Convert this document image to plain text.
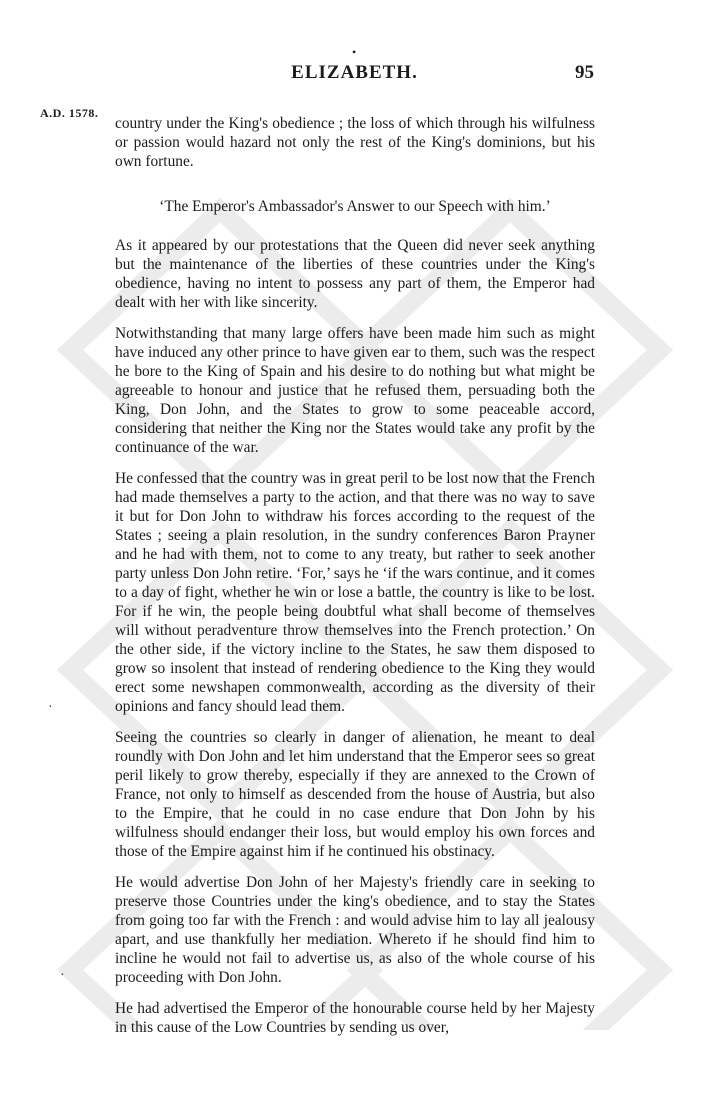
•
ELIZABETH.	95
A.D. 1578.
·
·

country under the King's obedience ; the loss of which through his wilfulness or passion would hazard not only the rest of the King's dominions, but his own fortune.

‘The Emperor's Ambassador's Answer to our Speech with him.’

As it appeared by our protestations that the Queen did never seek anything but the maintenance of the liberties of these countries under the King's obedience, having no intent to possess any part of them, the Emperor had dealt with her with like sincerity.

Notwithstanding that many large offers have been made him such as might have induced any other prince to have given ear to them, such was the respect he bore to the King of Spain and his desire to do nothing but what might be agreeable to honour and justice that he refused them, persuading both the King, Don John, and the States to grow to some peaceable accord, considering that neither the King nor the States would take any profit by the continuance of the war.

He confessed that the country was in great peril to be lost now that the French had made themselves a party to the action, and that there was no way to save it but for Don John to withdraw his forces according to the request of the States ; seeing a plain resolution, in the sundry conferences Baron Prayner and he had with them, not to come to any treaty, but rather to seek another party unless Don John retire. ‘For,’ says he ‘if the wars continue, and it comes to a day of fight, whether he win or lose a battle, the country is like to be lost. For if he win, the people being doubtful what shall become of themselves will without peradventure throw themselves into the French protection.’ On the other side, if the victory incline to the States, he saw them disposed to grow so insolent that instead of rendering obedience to the King they would erect some newshapen commonwealth, according as the diversity of their opinions and fancy should lead them.

Seeing the countries so clearly in danger of alienation, he meant to deal roundly with Don John and let him understand that the Emperor sees so great peril likely to grow thereby, especially if they are annexed to the Crown of France, not only to himself as descended from the house of Austria, but also to the Empire, that he could in no case endure that Don John by his wilfulness should endanger their loss, but would employ his own forces and those of the Empire against him if he continued his obstinacy.

He would advertise Don John of her Majesty's friendly care in seeking to preserve those Countries under the king's obedience, and to stay the States from going too far with the French : and would advise him to lay all jealousy apart, and use thankfully her mediation. Whereto if he should find him to incline he would not fail to advertise us, as also of the whole course of his proceeding with Don John.

He had advertised the Emperor of the honourable course held by her Majesty in this cause of the Low Countries by sending us over,
